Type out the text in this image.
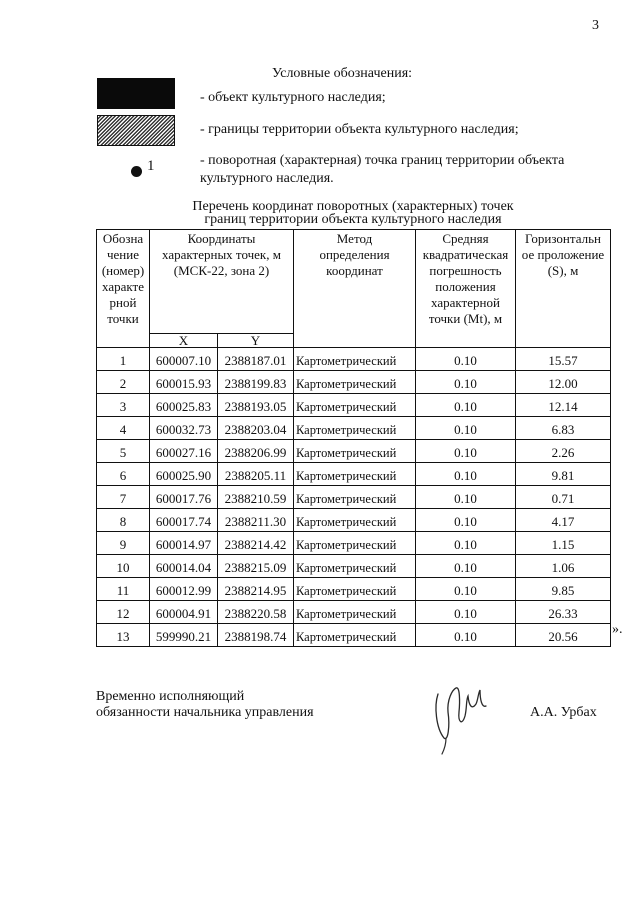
3
Условные обозначения:
- объект культурного наследия;
- границы территории объекта культурного наследия;
1	- поворотная (характерная) точка границ территории объекта культурного наследия.
Перечень координат поворотных (характерных) точек
границ территории объекта культурного наследия
Обозна чение (номер) характе рной точки	Координаты характерных точек, м (МСК-22, зона 2)		Метод определения координат	Средняя квадратическая погрешность положения характерной точки (Mt), м	Горизонтальн ое проложение (S), м
	X	Y			
1	600007.10	2388187.01	Картометрический	0.10	15.57
2	600015.93	2388199.83	Картометрический	0.10	12.00
3	600025.83	2388193.05	Картометрический	0.10	12.14
4	600032.73	2388203.04	Картометрический	0.10	6.83
5	600027.16	2388206.99	Картометрический	0.10	2.26
6	600025.90	2388205.11	Картометрический	0.10	9.81
7	600017.76	2388210.59	Картометрический	0.10	0.71
8	600017.74	2388211.30	Картометрический	0.10	4.17
9	600014.97	2388214.42	Картометрический	0.10	1.15
10	600014.04	2388215.09	Картометрический	0.10	1.06
11	600012.99	2388214.95	Картометрический	0.10	9.85
12	600004.91	2388220.58	Картометрический	0.10	26.33
13	599990.21	2388198.74	Картометрический	0.10	20.56 ».
Временно исполняющий
обязанности начальника управления	А.А. Урбах
